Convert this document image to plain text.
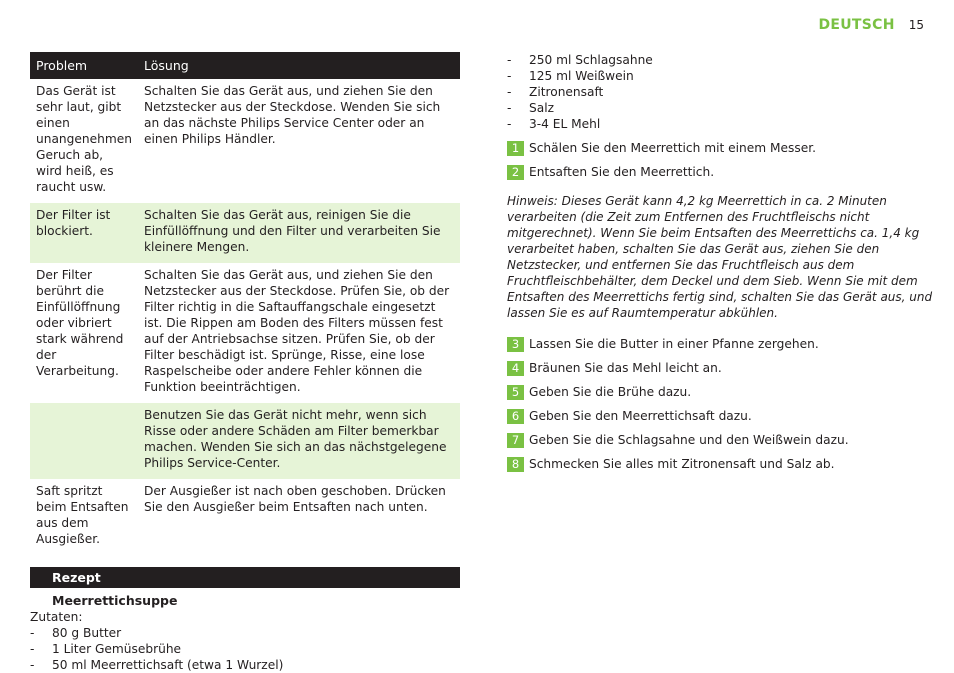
DEUTSCH 15
Problem	Lösung
Das Gerät ist sehr laut, gibt einen unangenehmen Geruch ab, wird heiß, es raucht usw.	Schalten Sie das Gerät aus, und ziehen Sie den Netzstecker aus der Steckdose. Wenden Sie sich an das nächste Philips Service Center oder an einen Philips Händler.
Der Filter ist blockiert.	Schalten Sie das Gerät aus, reinigen Sie die Einfüllöffnung und den Filter und verarbeiten Sie kleinere Mengen.
Der Filter berührt die Einfüllöffnung oder vibriert stark während der Verarbeitung.	Schalten Sie das Gerät aus, und ziehen Sie den Netzstecker aus der Steckdose. Prüfen Sie, ob der Filter richtig in die Saftauffangschale eingesetzt ist. Die Rippen am Boden des Filters müssen fest auf der Antriebsachse sitzen. Prüfen Sie, ob der Filter beschädigt ist. Sprünge, Risse, eine lose Raspelscheibe oder andere Fehler können die Funktion beeinträchtigen.
	Benutzen Sie das Gerät nicht mehr, wenn sich Risse oder andere Schäden am Filter bemerkbar machen. Wenden Sie sich an das nächstgelegene Philips Service-Center.
Saft spritzt beim Entsaften aus dem Ausgießer.	Der Ausgießer ist nach oben geschoben. Drücken Sie den Ausgießer beim Entsaften nach unten.
Rezept
Meerrettichsuppe
Zutaten:
-	80 g Butter
-	1 Liter Gemüsebrühe
-	50 ml Meerrettichsaft (etwa 1 Wurzel)
-	250 ml Schlagsahne
-	125 ml Weißwein
-	Zitronensaft
-	Salz
-	3-4 EL Mehl
1 Schälen Sie den Meerrettich mit einem Messer.
2 Entsaften Sie den Meerrettich.
Hinweis: Dieses Gerät kann 4,2 kg Meerrettich in ca. 2 Minuten verarbeiten (die Zeit zum Entfernen des Fruchtfleischs nicht mitgerechnet). Wenn Sie beim Entsaften des Meerrettichs ca. 1,4 kg verarbeitet haben, schalten Sie das Gerät aus, ziehen Sie den Netzstecker, und entfernen Sie das Fruchtfleisch aus dem Fruchtfleischbehälter, dem Deckel und dem Sieb. Wenn Sie mit dem Entsaften des Meerrettichs fertig sind, schalten Sie das Gerät aus, und lassen Sie es auf Raumtemperatur abkühlen.
3 Lassen Sie die Butter in einer Pfanne zergehen.
4 Bräunen Sie das Mehl leicht an.
5 Geben Sie die Brühe dazu.
6 Geben Sie den Meerrettichsaft dazu.
7 Geben Sie die Schlagsahne und den Weißwein dazu.
8 Schmecken Sie alles mit Zitronensaft und Salz ab.
